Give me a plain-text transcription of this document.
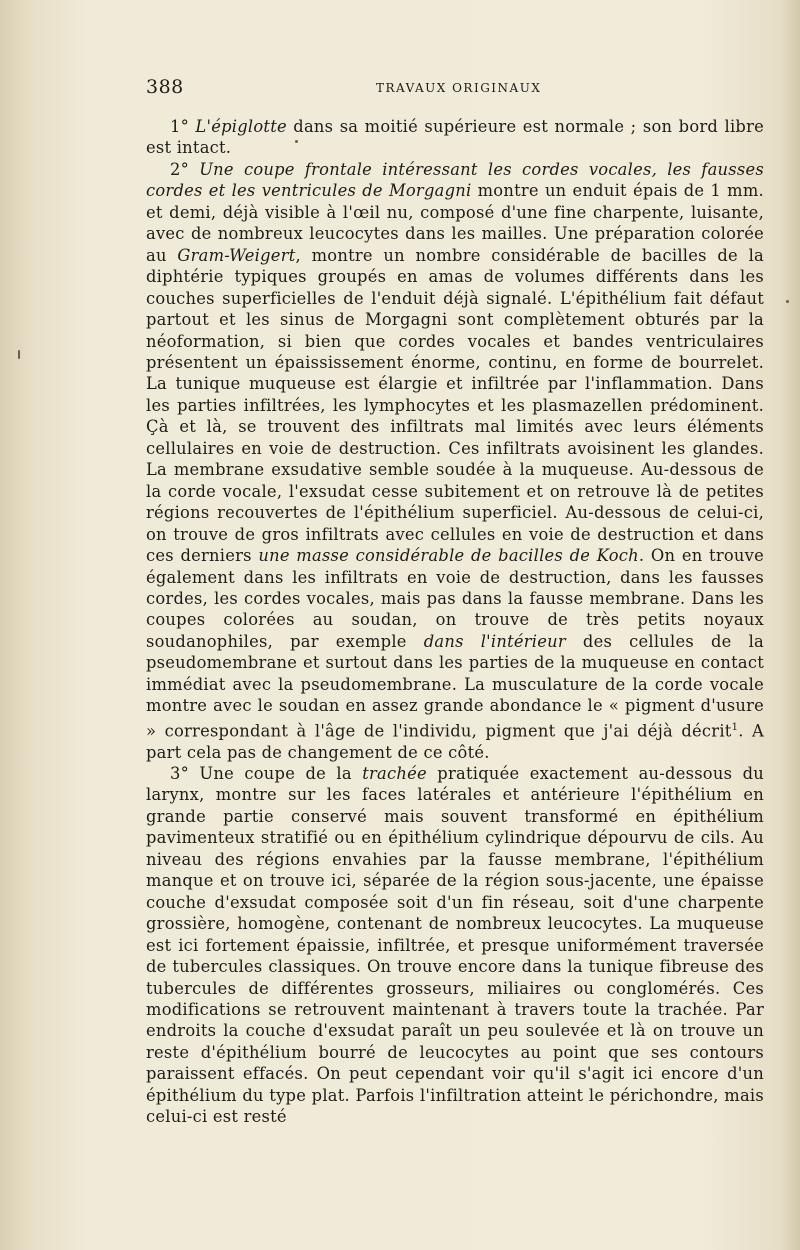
388	TRAVAUX ORIGINAUX

1° L'épiglotte dans sa moitié supérieure est normale ; son bord libre est intact.

2° Une coupe frontale intéressant les cordes vocales, les fausses cordes et les ventricules de Morgagni montre un enduit épais de 1 mm. et demi, déjà visible à l'œil nu, composé d'une fine charpente, luisante, avec de nombreux leucocytes dans les mailles. Une préparation colorée au Gram-Weigert, montre un nombre considérable de bacilles de la diphtérie typiques groupés en amas de volumes différents dans les couches superficielles de l'enduit déjà signalé. L'épithélium fait défaut partout et les sinus de Morgagni sont complètement obturés par la néoformation, si bien que cordes vocales et bandes ventriculaires présentent un épaississement énorme, continu, en forme de bourrelet. La tunique muqueuse est élargie et infiltrée par l'inflammation. Dans les parties infiltrées, les lymphocytes et les plasmazellen prédominent. Çà et là, se trouvent des infiltrats mal limités avec leurs éléments cellulaires en voie de destruction. Ces infiltrats avoisinent les glandes. La membrane exsudative semble soudée à la muqueuse. Au-dessous de la corde vocale, l'exsudat cesse subitement et on retrouve là de petites régions recouvertes de l'épithélium superficiel. Au-dessous de celui-ci, on trouve de gros infiltrats avec cellules en voie de destruction et dans ces derniers une masse considérable de bacilles de Koch. On en trouve également dans les infiltrats en voie de destruction, dans les fausses cordes, les cordes vocales, mais pas dans la fausse membrane. Dans les coupes colorées au soudan, on trouve de très petits noyaux soudanophiles, par exemple dans l'intérieur des cellules de la pseudomembrane et surtout dans les parties de la muqueuse en contact immédiat avec la pseudomembrane. La musculature de la corde vocale montre avec le soudan en assez grande abondance le « pigment d'usure » correspondant à l'âge de l'individu, pigment que j'ai déjà décrit$^1$. A part cela pas de changement de ce côté.

3° Une coupe de la trachée pratiquée exactement au-dessous du larynx, montre sur les faces latérales et antérieure l'épithélium en grande partie conservé mais souvent transformé en épithélium pavimenteux stratifié ou en épithélium cylindrique dépourvu de cils. Au niveau des régions envahies par la fausse membrane, l'épithélium manque et on trouve ici, séparée de la région sous-jacente, une épaisse couche d'exsudat composée soit d'un fin réseau, soit d'une charpente grossière, homogène, contenant de nombreux leucocytes. La muqueuse est ici fortement épaissie, infiltrée, et presque uniformément traversée de tubercules classiques. On trouve encore dans la tunique fibreuse des tubercules de différentes grosseurs, miliaires ou conglomérés. Ces modifications se retrouvent maintenant à travers toute la trachée. Par endroits la couche d'exsudat paraît un peu soulevée et là on trouve un reste d'épithélium bourré de leucocytes au point que ses contours paraissent effacés. On peut cependant voir qu'il s'agit ici encore d'un épithélium du type plat. Parfois l'infiltration atteint le périchondre, mais celui-ci est resté
